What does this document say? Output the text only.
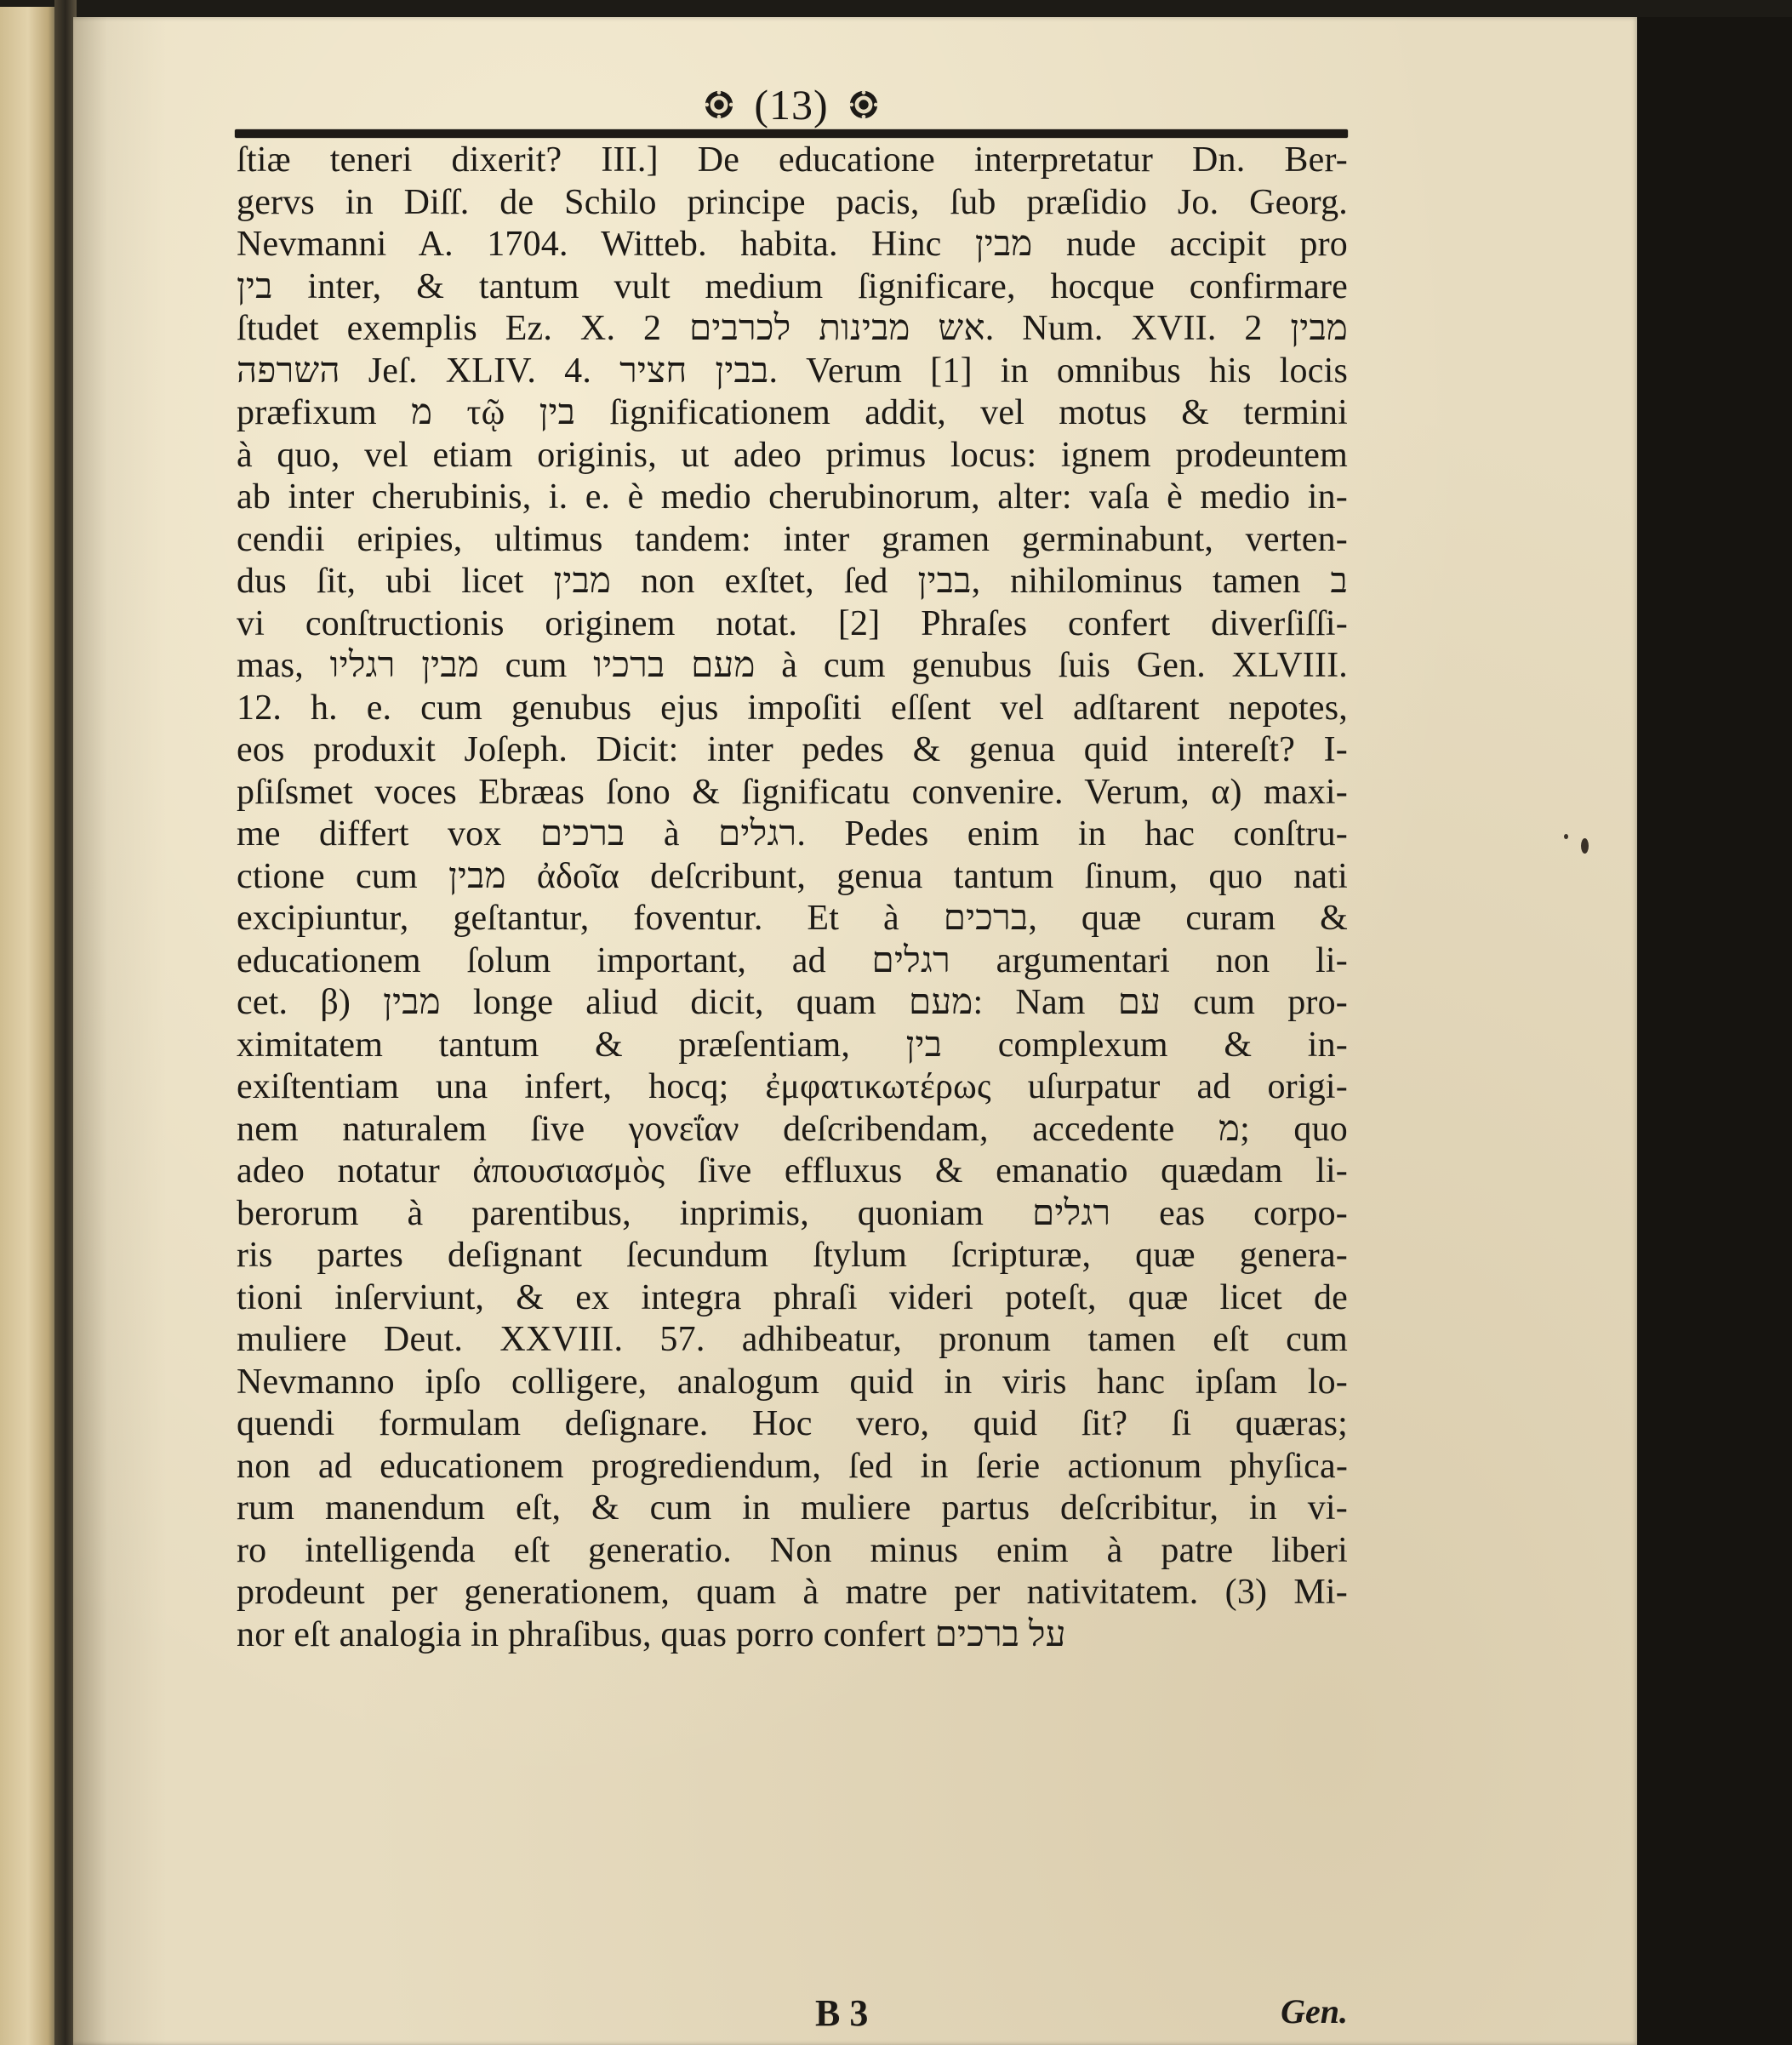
(13)
ſtiæ teneri dixerit? III.] De educatione interpretatur Dn. Ber-
gervs in Diſſ. de Schilo principe pacis, ſub præſidio Jo. Georg.
Nevmanni A. 1704. Witteb. habita. Hinc מבין nude accipit pro
בין inter, & tantum vult medium ſignificare, hocque confirmare
ſtudet exemplis Ez. X. 2 אש מבינות לכרבים. Num. XVII. 2 מבין
השרפה Jeſ. XLIV. 4. בבין חציר. Verum [1] in omnibus his locis
præfixum מ τῷ בין ſignificationem addit, vel motus & termini
à quo, vel etiam originis, ut adeo primus locus: ignem prodeuntem
ab inter cherubinis, i. e. è medio cherubinorum, alter: vaſa è medio in-
cendii eripies, ultimus tandem: inter gramen germinabunt, verten-
dus ſit, ubi licet מבין non exſtet, ſed בבין, nihilominus tamen ב
vi conſtructionis originem notat. [2] Phraſes confert diverſiſſi-
mas, מבין רגליו cum מעם ברכיו à cum genubus ſuis Gen. XLVIII.
12. h. e. cum genubus ejus impoſiti eſſent vel adſtarent nepotes,
eos produxit Joſeph. Dicit: inter pedes & genua quid intereſt? I-
pſiſsmet voces Ebræas ſono & ſignificatu convenire. Verum, α) maxi-
me differt vox ברכים à רגלים. Pedes enim in hac conſtru-
ctione cum מבין ἀδοῖα deſcribunt, genua tantum ſinum, quo nati
excipiuntur, geſtantur, foventur. Et à ברכים, quæ curam &
educationem ſolum important, ad רגלים argumentari non li-
cet. β) מבין longe aliud dicit, quam מעם: Nam עם cum pro-
ximitatem tantum & præſentiam, בין complexum & in-
exiſtentiam una infert, hocq; ἐμφατικωτέρως uſurpatur ad origi-
nem naturalem ſive γονεΐαν deſcribendam, accedente מ; quo
adeo notatur ἀπουσιασμὸς ſive effluxus & emanatio quædam li-
berorum à parentibus, inprimis, quoniam רגלים eas corpo-
ris partes deſignant ſecundum ſtylum ſcripturæ, quæ genera-
tioni inſerviunt, & ex integra phraſi videri poteſt, quæ licet de
muliere Deut. XXVIII. 57. adhibeatur, pronum tamen eſt cum
Nevmanno ipſo colligere, analogum quid in viris hanc ipſam lo-
quendi formulam deſignare. Hoc vero, quid ſit? ſi quæras;
non ad educationem progrediendum, ſed in ſerie actionum phyſica-
rum manendum eſt, & cum in muliere partus deſcribitur, in vi-
ro intelligenda eſt generatio. Non minus enim à patre liberi
prodeunt per generationem, quam à matre per nativitatem. (3) Mi-
nor eſt analogia in phraſibus, quas porro confert על ברכים
B 3	Gen.
